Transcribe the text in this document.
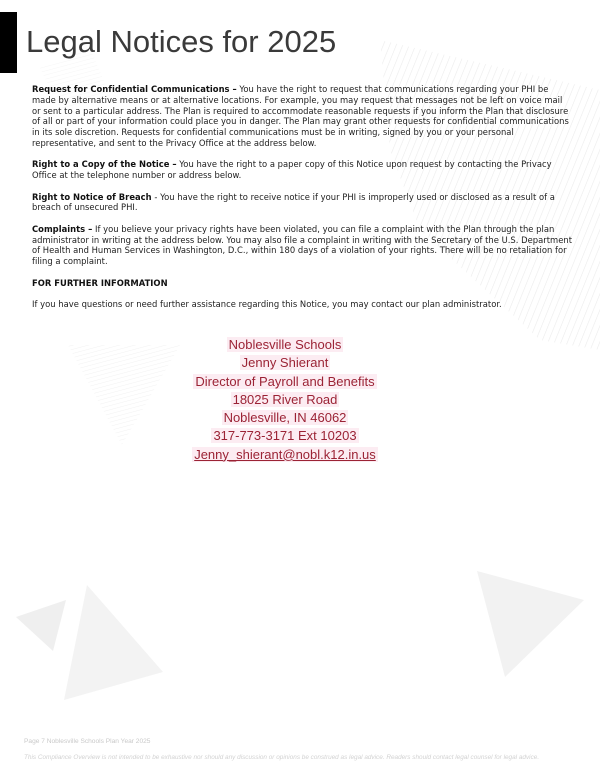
Legal Notices for 2025

Request for Confidential Communications – You have the right to request that communications regarding your PHI be made by alternative means or at alternative locations. For example, you may request that messages not be left on voice mail or sent to a particular address. The Plan is required to accommodate reasonable requests if you inform the Plan that disclosure of all or part of your information could place you in danger. The Plan may grant other requests for confidential communications in its sole discretion. Requests for confidential communications must be in writing, signed by you or your personal representative, and sent to the Privacy Office at the address below.

Right to a Copy of the Notice – You have the right to a paper copy of this Notice upon request by contacting the Privacy Office at the telephone number or address below.

Right to Notice of Breach - You have the right to receive notice if your PHI is improperly used or disclosed as a result of a breach of unsecured PHI.

Complaints – If you believe your privacy rights have been violated, you can file a complaint with the Plan through the plan administrator in writing at the address below. You may also file a complaint in writing with the Secretary of the U.S. Department of Health and Human Services in Washington, D.C., within 180 days of a violation of your rights. There will be no retaliation for filing a complaint.

FOR FURTHER INFORMATION

If you have questions or need further assistance regarding this Notice, you may contact our plan administrator.

Noblesville Schools
Jenny Shierant
Director of Payroll and Benefits
18025 River Road
Noblesville, IN 46062
317-773-3171 Ext 10203
Jenny_shierant@nobl.k12.in.us
Page 7 Noblesville Schools Plan Year 2025
This Compliance Overview is not intended to be exhaustive nor should any discussion or opinions be construed as legal advice. Readers should contact legal counsel for legal advice.
